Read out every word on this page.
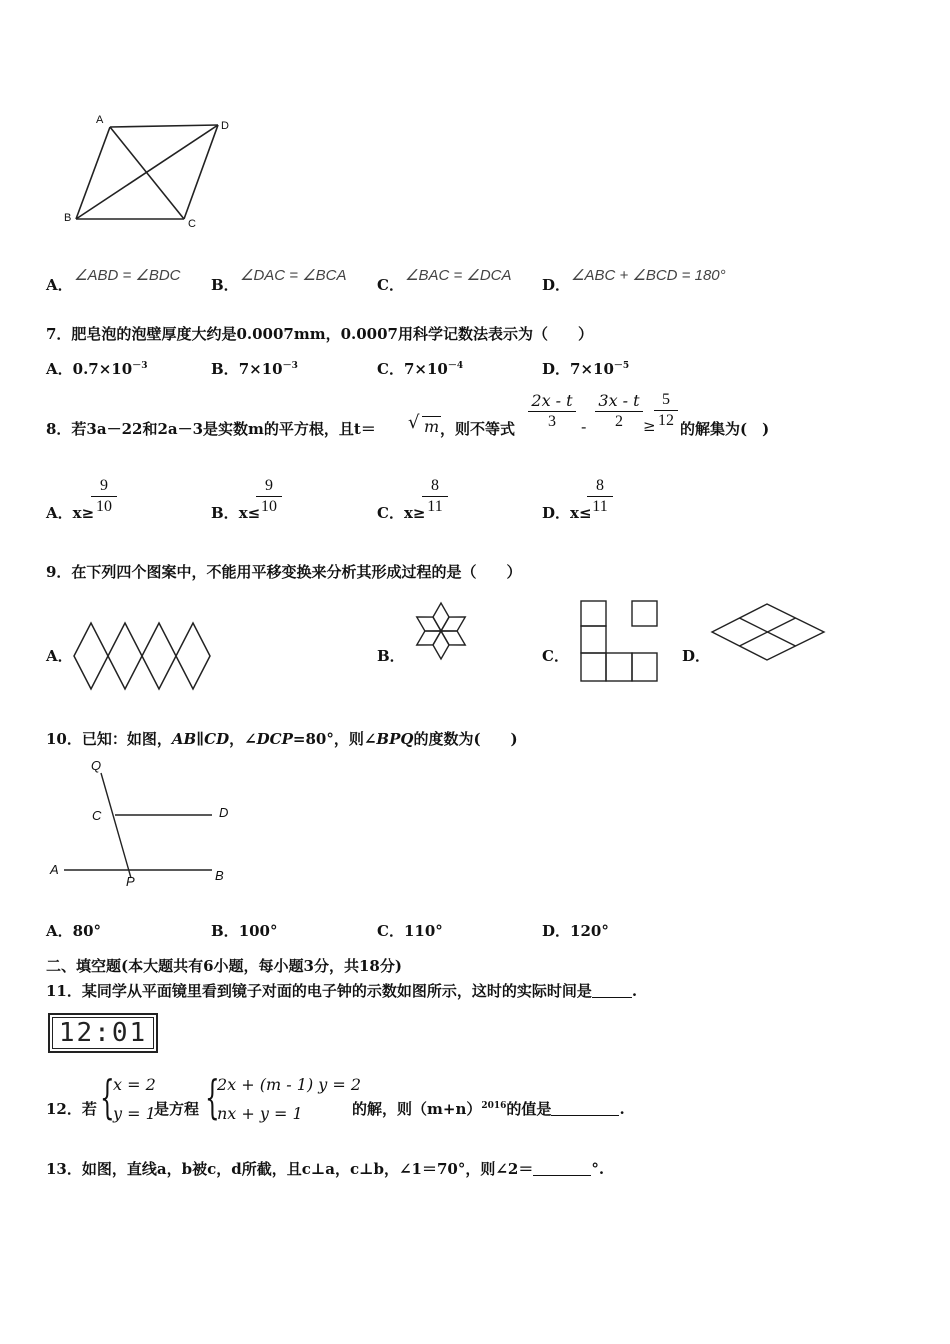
A	D
B	C
A．
∠ABD = ∠BDC
B．
∠DAC = ∠BCA
C．
∠BAC = ∠DCA
D．
∠ABC + ∠BCD = 180°
7．肥皂泡的泡壁厚度大约是0.0007mm，0.0007用科学记数法表示为（　　）
A．$0.7\times 10^{-3}$	B．$7\times 10^{-3}$	C．$7\times 10^{-4}$	D．$7\times 10^{-5}$
8．若3a－22和2a－3是实数m的平方根，且t＝ √ m ，则不等式
2x - t
3	-
3x - t
2	≥
5
12 的解集为(　)
A．x≥
9
10	B．x≤
9
10	C．x≥
8
11	D．x≤
8
11
9．在下列四个图案中，不能用平移变换来分析其形成过程的是（　　）
A．	B．	C．	D．
10．已知：如图，AB∥CD，∠DCP=80°，则∠BPQ的度数为(　　)
Q
C	D
A
P	B
A．80°	B．100°	C．110°	D．120°
二、填空题(本大题共有6小题，每小题3分，共18分)
11．某同学从平面镜里看到镜子对面的电子钟的示数如图所示，这时的实际时间是	.
12:01
12．若 {
x = 2
y = 1
是方程 {
2x + (m - 1) y = 2
nx + y = 1	的解，则$(m+n)^{2016}$的值是	.
13．如图，直线a，b被c，d所截，且c⊥a，c⊥b，∠1＝70°，则∠2＝	°.
